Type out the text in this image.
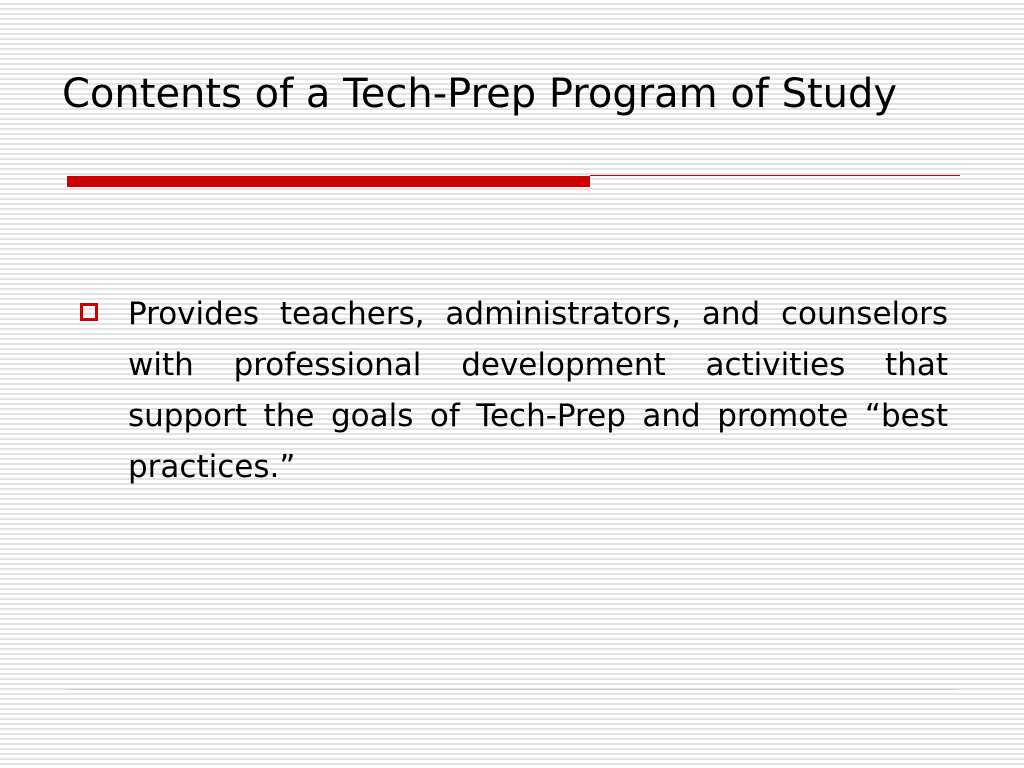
Contents of a Tech-Prep Program of Study
Provides teachers, administrators, and counselors with professional development activities that support the goals of Tech-Prep and promote “best practices.”
